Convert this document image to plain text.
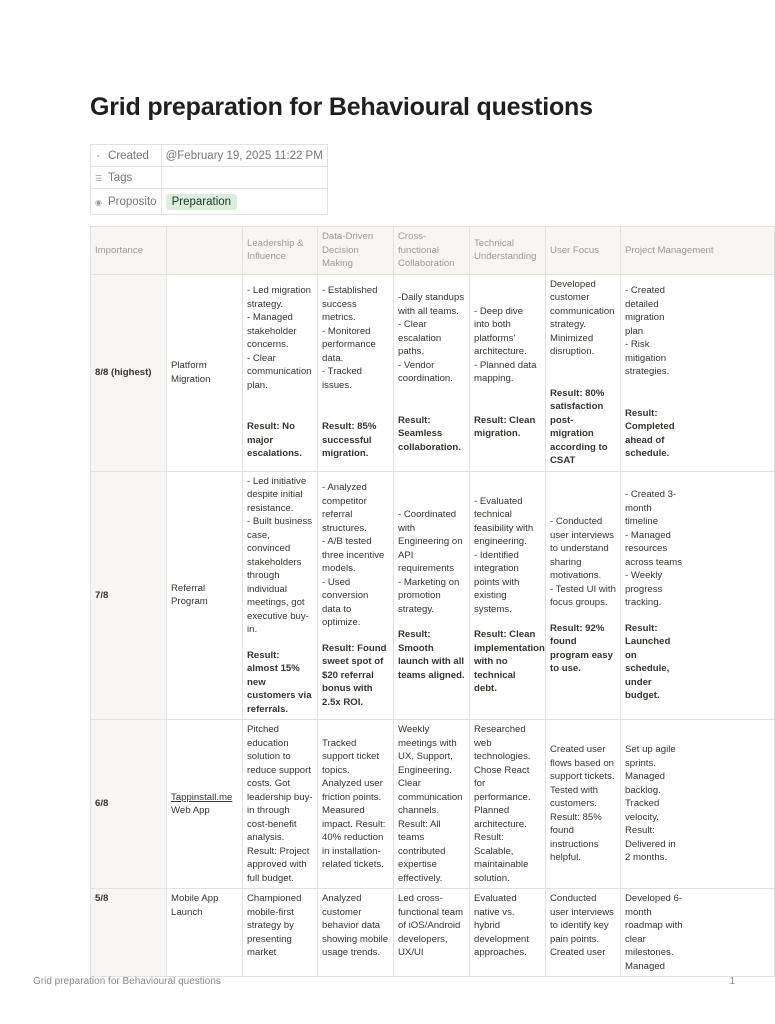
Grid preparation for Behavioural questions
◔ Created	@February 19, 2025 11:22 PM
☰ Tags	
◉ Proposito	Preparation
Importance		Leadership & Influence	Data-Driven Decision Making	Cross-functional Collaboration	Technical Understanding	User Focus	Project Management
8/8 (highest)	Platform Migration	- Led migration strategy.
- Managed stakeholder concerns.
- Clear communication plan.
Result: No major escalations.	- Established success metrics.
- Monitored performance data.
- Tracked issues.
Result: 85% successful migration.	-Daily standups with all teams.
- Clear escalation paths.
- Vendor coordination.
Result: Seamless collaboration.	- Deep dive into both platforms' architecture.
- Planned data mapping.
Result: Clean migration.	Developed customer communication strategy. Minimized disruption.
Result: 80% satisfaction post-migration according to CSAT	- Created detailed migration plan
- Risk mitigation strategies.
Result: Completed ahead of schedule.

7/8	Referral Program	- Led initiative despite initial resistance.
- Built business case, convinced stakeholders through individual meetings, got executive buy-in.
Result: almost 15% new customers via referrals.	- Analyzed competitor referral structures.
- A/B tested three incentive models.
- Used conversion data to optimize.
Result: Found sweet spot of $20 referral bonus with 2.5x ROI.	- Coordinated with Engineering on API requirements
- Marketing on promotion strategy.
Result: Smooth launch with all teams aligned.	- Evaluated technical feasibility with engineering.
- Identified integration points with existing systems.
Result: Clean implementation with no technical debt.	- Conducted user interviews to understand sharing motivations.
- Tested UI with focus groups.
Result: 92% found program easy to use.	- Created 3-month timeline
- Managed resources across teams
- Weekly progress tracking.
Result: Launched on schedule, under budget.

6/8	Tappinstall.me
Web App	Pitched education solution to reduce support costs. Got leadership buy-in through cost-benefit analysis. Result: Project approved with full budget.	Tracked support ticket topics. Analyzed user friction points. Measured impact. Result: 40% reduction in installation-related tickets.	Weekly meetings with UX, Support, Engineering. Clear communication channels. Result: All teams contributed expertise effectively.	Researched web technologies. Chose React for performance. Planned architecture. Result: Scalable, maintainable solution.	Created user flows based on support tickets. Tested with customers. Result: 85% found instructions helpful.	Set up agile sprints. Managed backlog. Tracked velocity. Result: Delivered in 2 months.

5/8	Mobile App Launch	Championed mobile-first strategy by presenting market	Analyzed customer behavior data showing mobile usage trends.	Led cross-functional team of iOS/Android developers, UX/UI	Evaluated native vs. hybrid development approaches.	Conducted user interviews to identify key pain points. Created user	Developed 6-month roadmap with clear milestones. Managed
Grid preparation for Behavioural questions	1
